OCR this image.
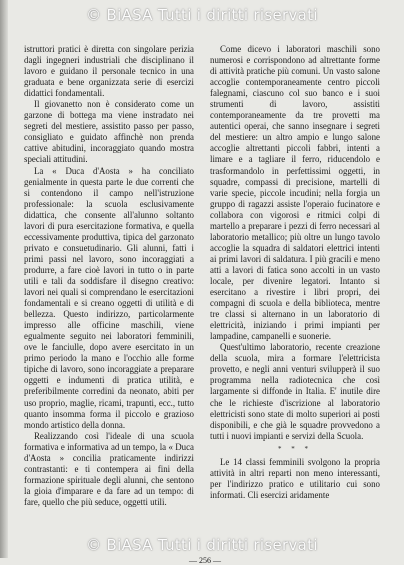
© BiASA Tutti i diritti riservati

istruttori pratici è diretta con singolare perizia dagli ingegneri industriali che disciplinano il lavoro e guidano il personale tecnico in una graduata e bene organizzata serie di esercizi didattici fondamentali.

Il giovanetto non è considerato come un garzone di bottega ma viene instradato nei segreti del mestiere, assistito passo per passo, consigliato e guidato affinchè non prenda cattive abitudini, incoraggiato quando mostra speciali attitudini.

La « Duca d'Aosta » ha conciliato genialmente in questa parte le due correnti che si contendono il campo nell'istruzione professionale: la scuola esclusivamente didattica, che consente all'alunno soltanto lavori di pura esercitazione formativa, e quella eccessivamente produttiva, tipica del garzonato privato e consuetudinario. Gli alunni, fatti i primi passi nel lavoro, sono incoraggiati a produrre, a fare cioè lavori in tutto o in parte utili e tali da soddisfare il disegno creativo: lavori nei quali si comprendano le esercitazioni fondamentali e si creano oggetti di utilità e di bellezza. Questo indirizzo, particolarmente impresso alle officine maschili, viene egualmente seguito nei laboratori femminili, ove le fanciulle, dopo avere esercitato in un primo periodo la mano e l'occhio alle forme tipiche di lavoro, sono incoraggiate a preparare oggetti e indumenti di pratica utilità, e preferibilmente corredini da neonato, abiti per uso proprio, maglie, ricami, trapunti, ecc., tutto quanto insomma forma il piccolo e grazioso mondo artistico della donna.

Realizzando così l'ideale di una scuola formativa e informativa ad un tempo, la « Duca d'Aosta » concilia praticamente indirizzi contrastanti: e ti contempera ai fini della formazione spirituale degli alunni, che sentono la gioia d'imparare e da fare ad un tempo: di fare, quello che più seduce, oggetti utili.

Come dicevo i laboratori maschili sono numerosi e corrispondono ad altrettante forme di attività pratiche più comuni. Un vasto salone accoglie contemporaneamente centro piccoli falegnami, ciascuno col suo banco e i suoi strumenti di lavoro, assistiti contemporaneamente da tre provetti ma autentici operai, che sanno insegnare i segreti del mestiere: un altro ampio e lungo salone accoglie altrettanti piccoli fabbri, intenti a limare e a tagliare il ferro, riducendolo e trasformandolo in perfettissimi oggetti, in squadre, compassi di precisione, martelli di varie specie, piccole incudini; nella forgia un gruppo di ragazzi assiste l'operaio fucinatore e collabora con vigorosi e ritmici colpi di martello a preparare i pezzi di ferro necessari al laboratorio metallico; più oltre un lungo tavolo accoglie la squadra di saldatori elettrici intenti ai primi lavori di saldatura. I più gracili e meno atti a lavori di fatica sono accolti in un vasto locale, per divenire legatori. Intanto si esercitano a rivestire i libri propri, dei compagni di scuola e della biblioteca, mentre tre classi si alternano in un laboratorio di elettricità, iniziando i primi impianti per lampadine, campanelli e suonerie.

Quest'ultimo laboratorio, recente creazione della scuola, mira a formare l'elettricista provetto, e negli anni venturi svilupperà il suo programma nella radiotecnica che così largamente si diffonde in Italia. E' inutile dire che le richieste d'iscrizione al laboratorio elettricisti sono state di molto superiori ai posti disponibili, e che già le squadre provvedono a tutti i nuovi impianti e servizi della Scuola.

* * *

Le 14 classi femminili svolgono la propria attività in altri reparti non meno interessanti, per l'indirizzo pratico e utilitario cui sono informati. Cli esercizi aridamente

— 256 —
© BiASA Tutti i diritti riservati
